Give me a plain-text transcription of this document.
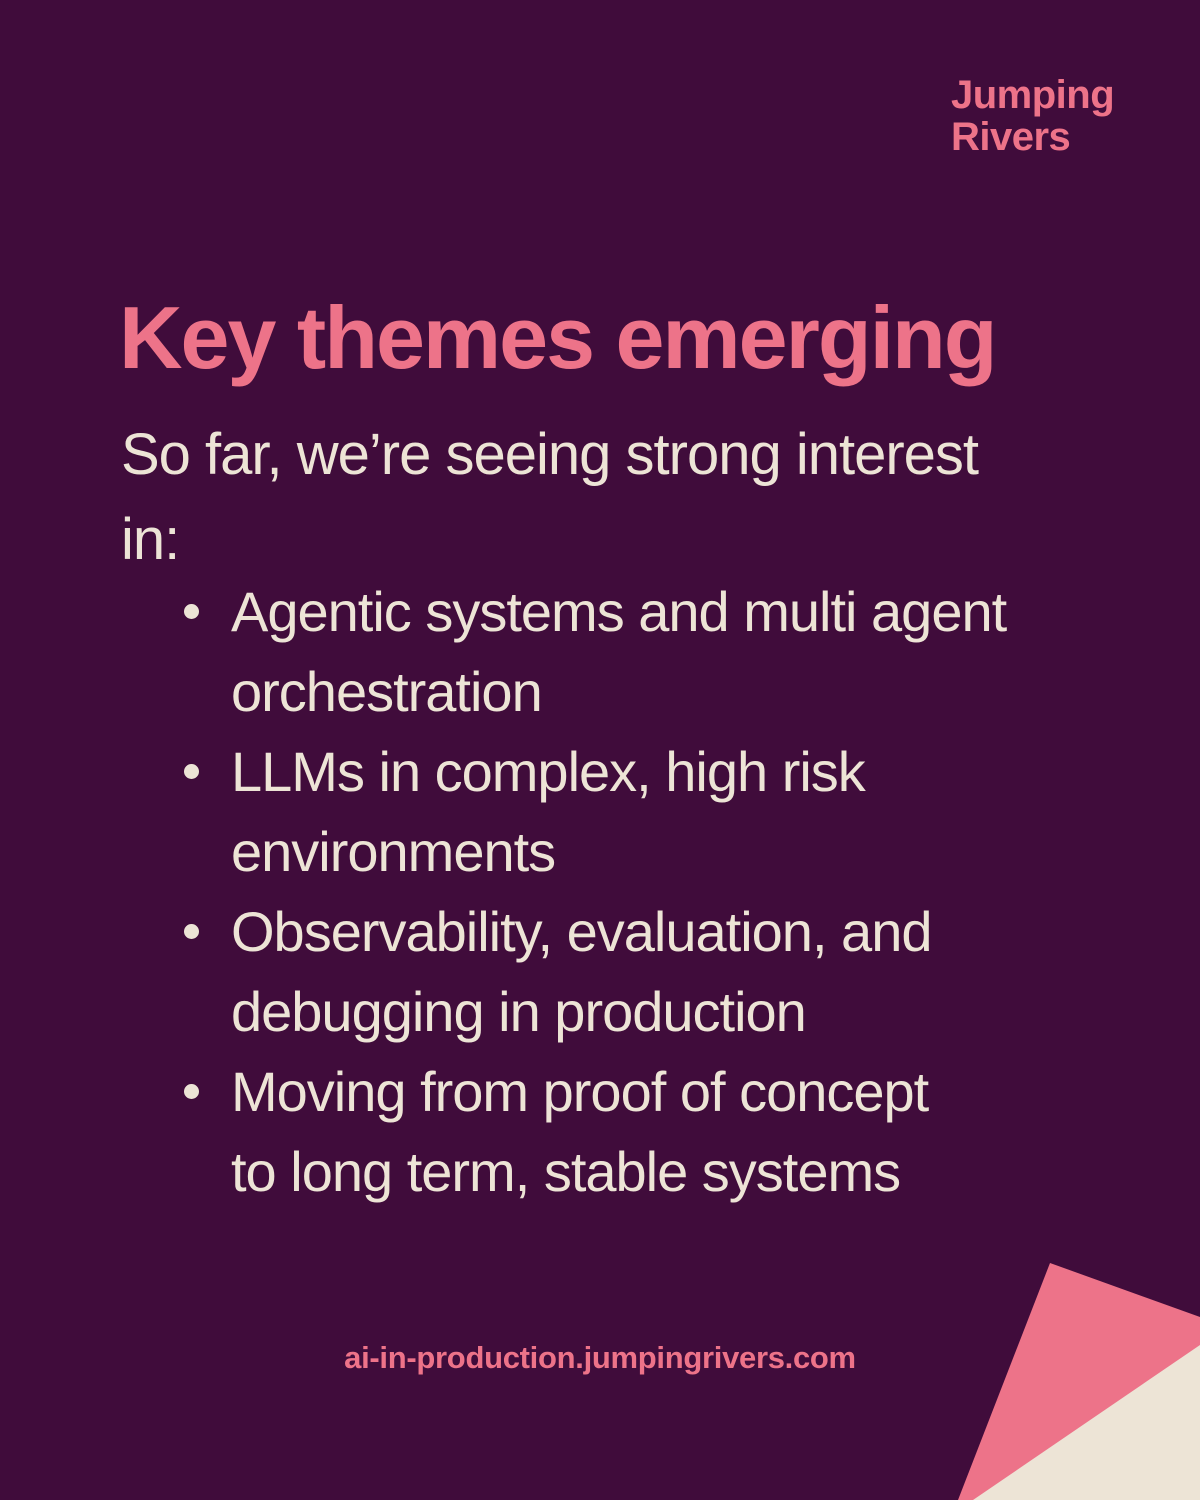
Jumping
Rivers
Key themes emerging
So far, we’re seeing strong interest
in:
Agentic systems and multi agent
orchestration
LLMs in complex, high risk
environments
Observability, evaluation, and
debugging in production
Moving from proof of concept
to long term, stable systems
ai-in-production.jumpingrivers.com
